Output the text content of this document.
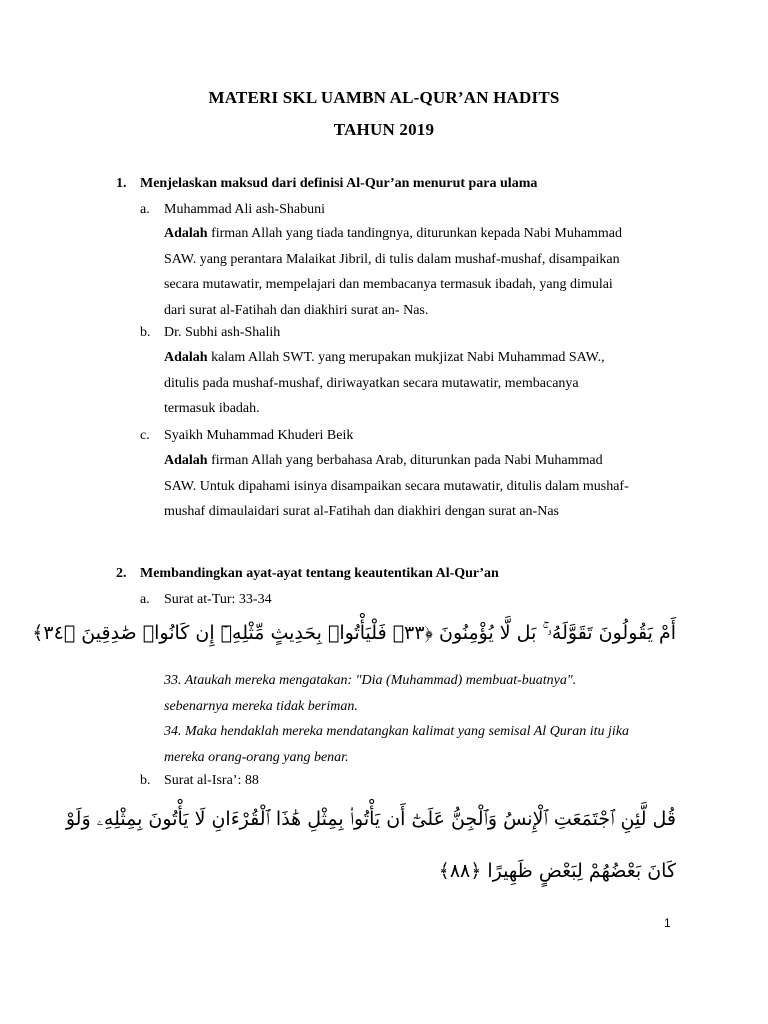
MATERI SKL UAMBN AL-QUR’AN HADITS
TAHUN 2019
1. Menjelaskan maksud dari definisi Al-Qur’an menurut para ulama
a. Muhammad Ali ash-Shabuni
Adalah firman Allah yang tiada tandingnya, diturunkan kepada Nabi Muhammad
SAW. yang perantara Malaikat Jibril, di tulis dalam mushaf-mushaf, disampaikan
secara mutawatir, mempelajari dan membacanya termasuk ibadah, yang dimulai
dari surat al-Fatihah dan diakhiri surat an- Nas.
b. Dr. Subhi ash-Shalih
Adalah kalam Allah SWT. yang merupakan mukjizat Nabi Muhammad SAW.,
ditulis pada mushaf-mushaf, diriwayatkan secara mutawatir, membacanya
termasuk ibadah.
c. Syaikh Muhammad Khuderi Beik
Adalah firman Allah yang berbahasa Arab, diturunkan pada Nabi Muhammad
SAW. Untuk dipahami isinya disampaikan secara mutawatir, ditulis dalam mushaf-
mushaf dimaulaidari surat al-Fatihah dan diakhiri dengan surat an-Nas
2. Membandingkan ayat-ayat tentang keautentikan Al-Qur’an
a. Surat at-Tur: 33-34
أَمْ يَقُولُونَ تَقَوَّلَهُۥ ۚ بَل لَّا يُؤْمِنُونَ ﴿٣٣﴾ فَلْيَأْتُوا۟ بِحَدِيثٍ مِّثْلِهِۦٓ إِن كَانُوا۟ صَٰدِقِينَ ﴿٣٤﴾
33. Ataukah mereka mengatakan: "Dia (Muhammad) membuat-buatnya".
sebenarnya mereka tidak beriman.
34. Maka hendaklah mereka mendatangkan kalimat yang semisal Al Quran itu jika
mereka orang-orang yang benar.
b. Surat al-Isra’: 88
قُل لَّئِنِ ٱجْتَمَعَتِ ٱلْإِنسُ وَٱلْجِنُّ عَلَىٰٓ أَن يَأْتُوا۟ بِمِثْلِ هَٰذَا ٱلْقُرْءَانِ لَا يَأْتُونَ بِمِثْلِهِۦ وَلَوْ
كَانَ بَعْضُهُمْ لِبَعْضٍ ظَهِيرًا ﴿٨٨﴾
1
